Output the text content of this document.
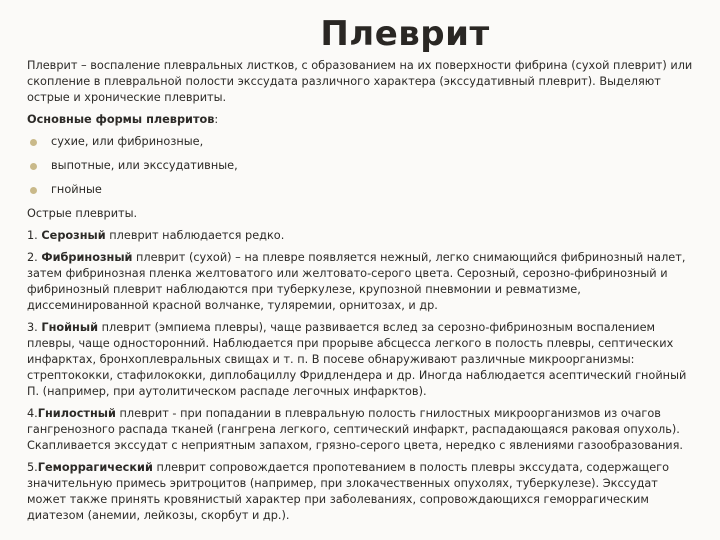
Плеврит

Плеврит – воспаление плевральных листков, с образованием на их поверхности фибрина (сухой плеврит) или скопление в плевральной полости экссудата различного характера (экссудативный плеврит). Выделяют острые и хронические плевриты.

Основные формы плевритов:

сухие, или фибринозные,
выпотные, или экссудативные,
гнойные

Острые плевриты.

1. Серозный плеврит наблюдается редко.

2. Фибринозный плеврит (сухой) – на плевре появляется нежный, легко снимающийся фибринозный налет, затем фибринозная пленка желтоватого или желтовато-серого цвета. Серозный, серозно-фибринозный и фибринозный плеврит наблюдаются при туберкулезе, крупозной пневмонии и ревматизме, диссеминированной красной волчанке, туляремии, орнитозах, и др.

3. Гнойный плеврит (эмпиема плевры), чаще развивается вслед за серозно-фибринозным воспалением плевры, чаще односторонний. Наблюдается при прорыве абсцесса легкого в полость плевры, септических инфарктах, бронхоплевральных свищах и т. п. В посеве обнаруживают различные микроорганизмы: стрептококки, стафилококки, диплобациллу Фридлендера и др. Иногда наблюдается асептический гнойный П. (например, при аутолитическом распаде легочных инфарктов).

4.Гнилостный плеврит - при попадании в плевральную полость гнилостных микроорганизмов из очагов гангренозного распада тканей (гангрена легкого, септический инфаркт, распадающаяся раковая опухоль). Скапливается экссудат с неприятным запахом, грязно-серого цвета, нередко с явлениями газообразования.

5.Геморрагический плеврит сопровождается пропотеванием в полость плевры экссудата, содержащего значительную примесь эритроцитов (например, при злокачественных опухолях, туберкулезе). Экссудат может также принять кровянистый характер при заболеваниях, сопровождающихся геморрагическим диатезом (анемии, лейкозы, скорбут и др.).
